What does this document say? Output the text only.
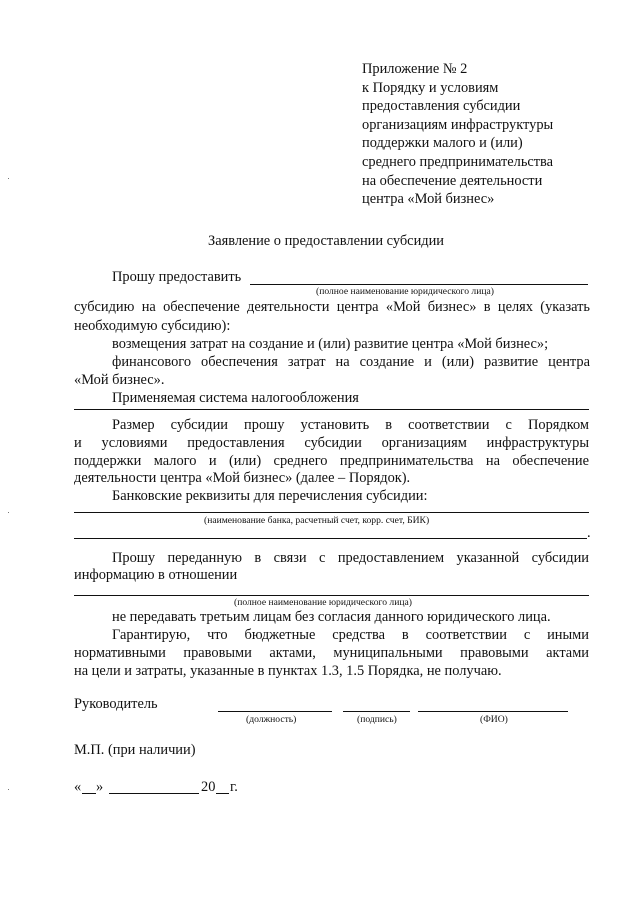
Приложение № 2
к Порядку и условиям
предоставления субсидии
организациям инфраструктуры
поддержки малого и (или)
среднего предпринимательства
на обеспечение деятельности
центра «Мой бизнес»
Заявление о предоставлении субсидии
Прошу предоставить
(полное наименование юридического лица)
субсидию на обеспечение деятельности центра «Мой бизнес» в целях (указать
необходимую субсидию):
возмещения затрат на создание и (или) развитие центра «Мой бизнес»;
финансового обеспечения затрат на создание и (или) развитие центра
«Мой бизнес».
Применяемая система налогообложения
Размер субсидии прошу установить в соответствии с Порядком
и условиями предоставления субсидии организациям инфраструктуры
поддержки малого и (или) среднего предпринимательства на обеспечение
деятельности центра «Мой бизнес» (далее – Порядок).
Банковские реквизиты для перечисления субсидии:
(наименование банка, расчетный счет, корр. счет, БИК)
.
Прошу переданную в связи с предоставлением указанной субсидии
информацию в отношении
(полное наименование юридического лица)
не передавать третьим лицам без согласия данного юридического лица.
Гарантирую, что бюджетные средства в соответствии с иными
нормативными правовыми актами, муниципальными правовыми актами
на цели и затраты, указанные в пунктах 1.3, 1.5 Порядка, не получаю.
Руководитель
(должность)	(подпись)	(ФИО)
М.П. (при наличии)
« »	20 г.
